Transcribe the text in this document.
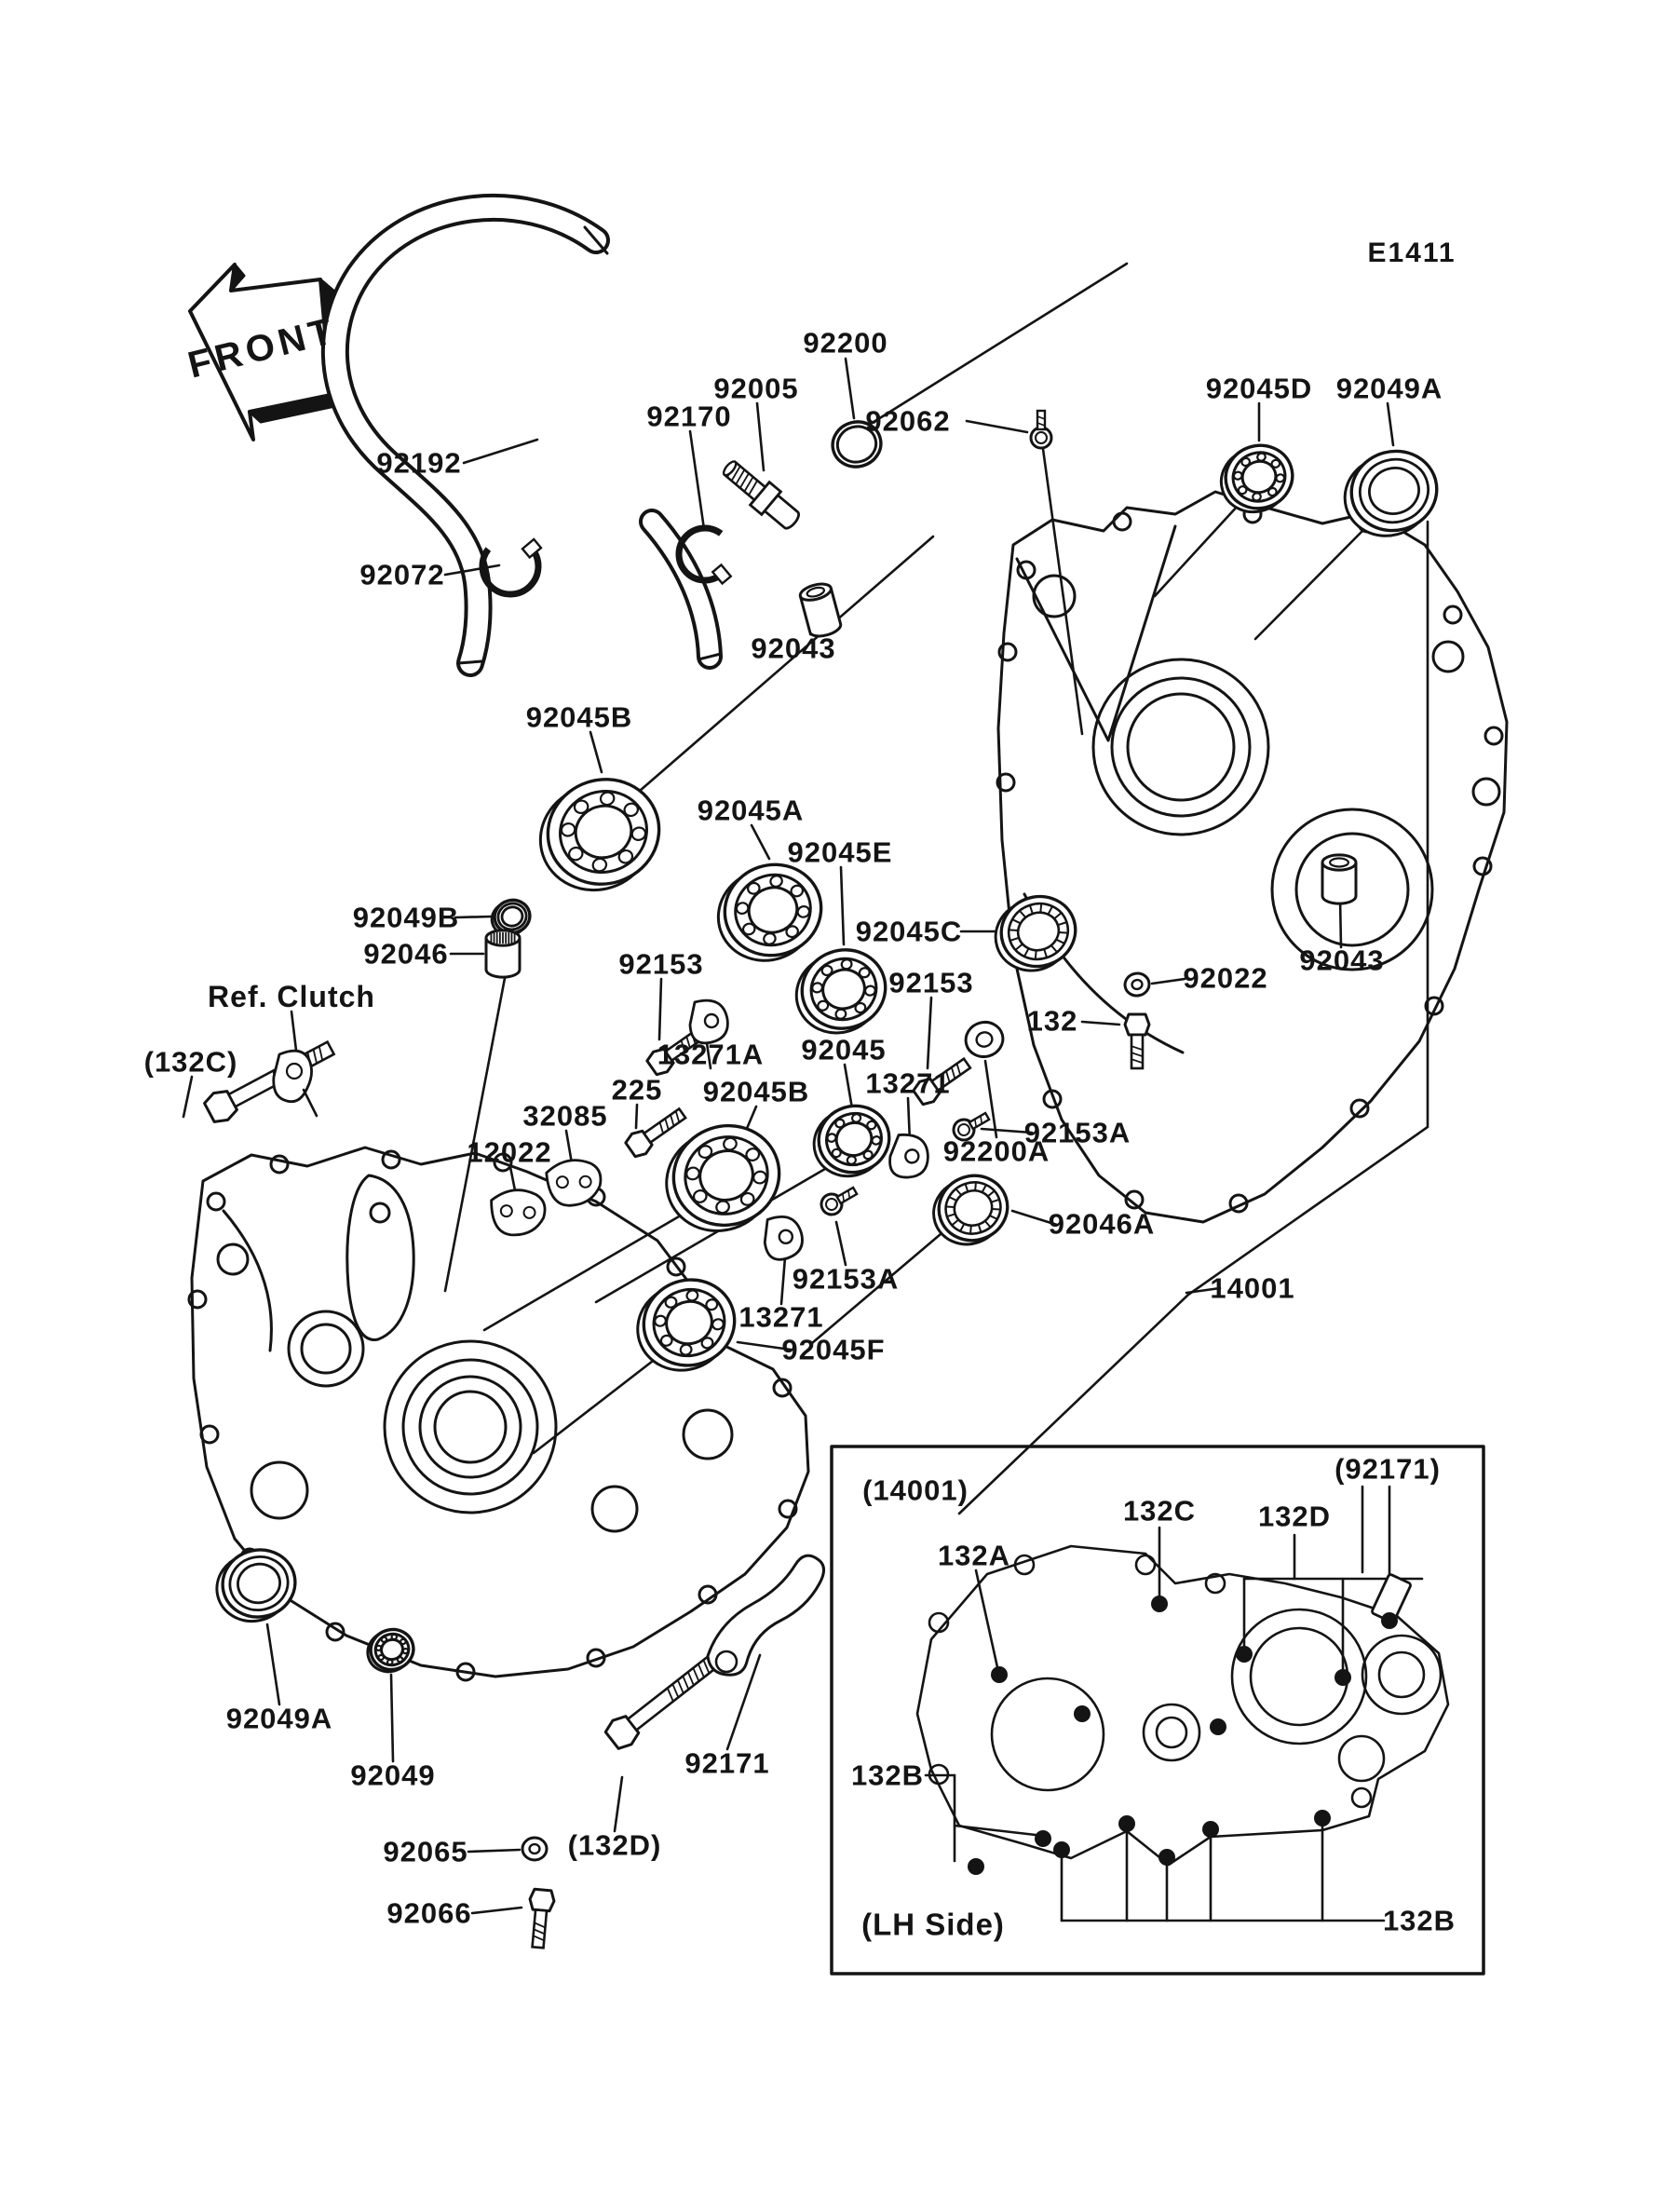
E1411
FRONT
92192
92200
92005
92170	92062
92045D 92049A
92072
92043
92045B
92045A
92045E
92045C
92153
92153
92049B
92046
Ref. Clutch
(132C)
92022
132
92043
13271A
225
92045
92045B 13271
92200A
32085
12022
92153A
92046A
14001
92153A
13271
92045F
92049A
92049
92065
92066
(132D)
92171
(14001)
132C 132D
(92171)
132A
132B
(LH Side)	132B
